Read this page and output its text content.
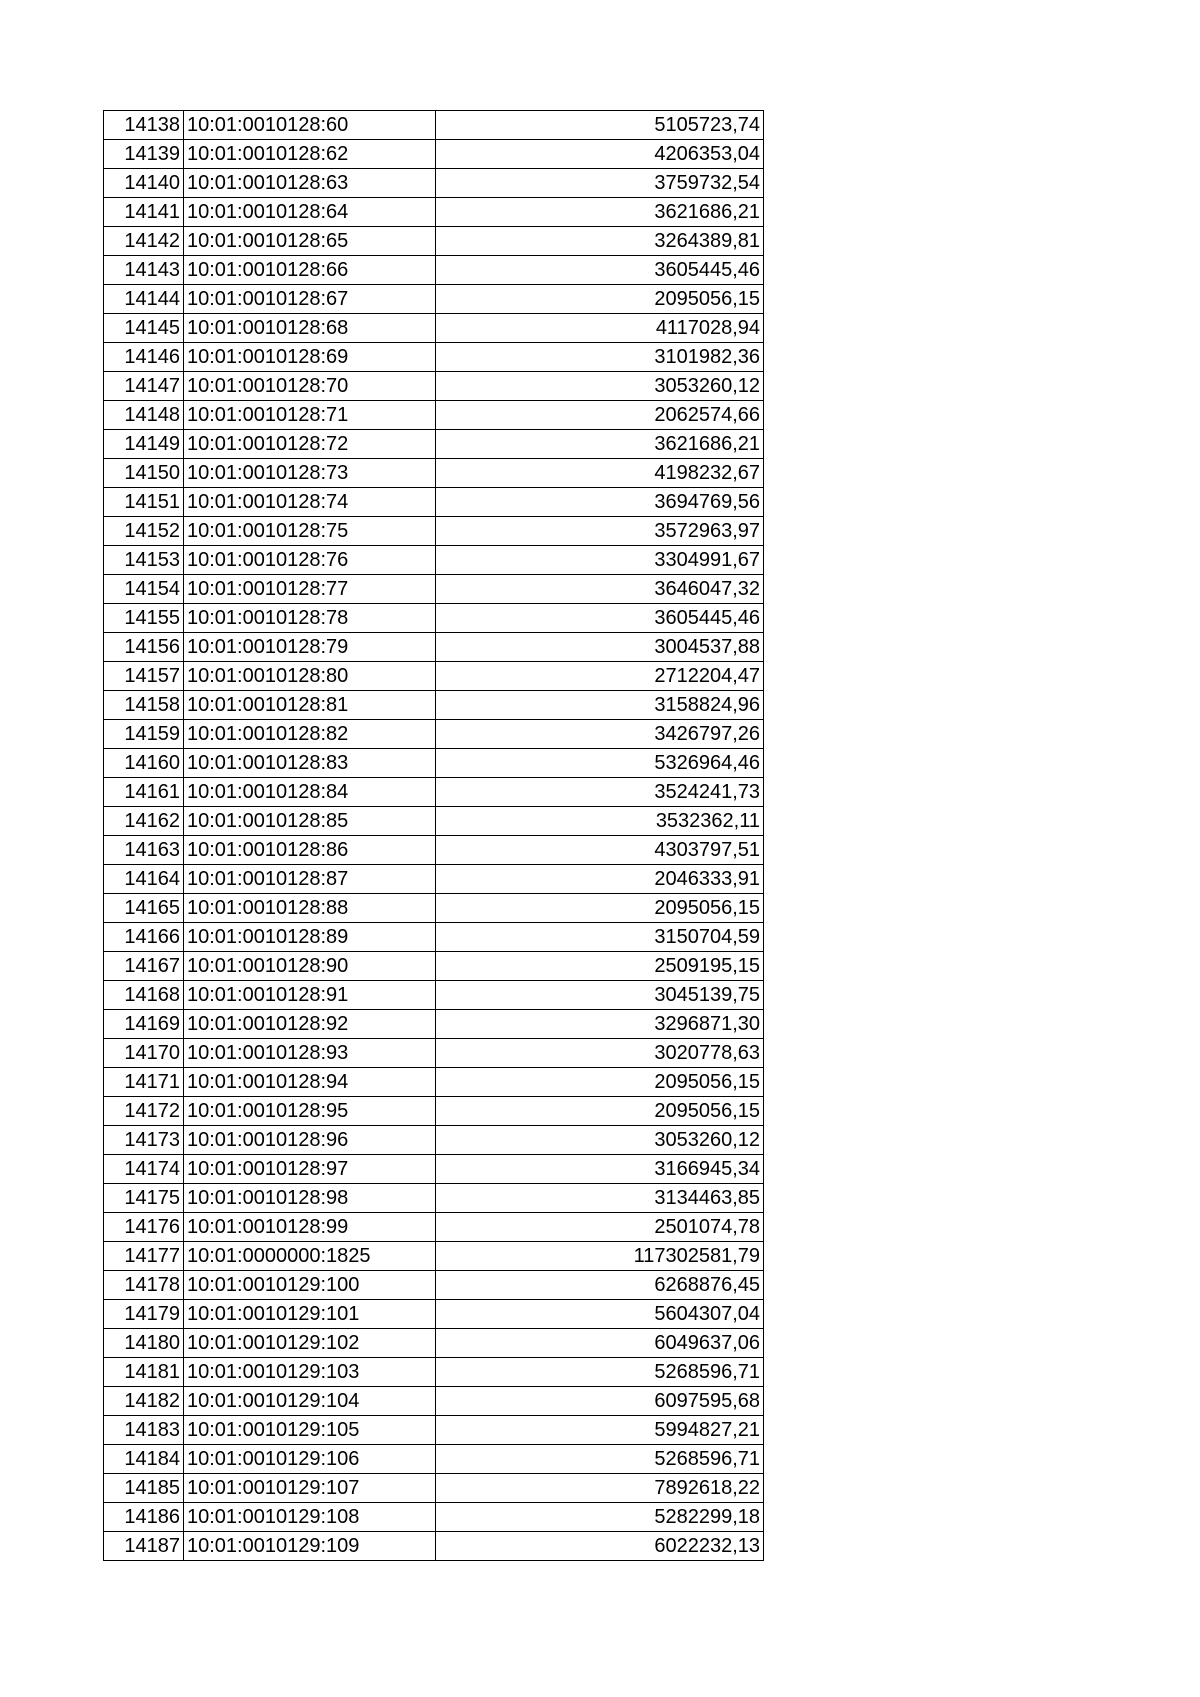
14138	10:01:0010128:60	5105723,74
14139	10:01:0010128:62	4206353,04
14140	10:01:0010128:63	3759732,54
14141	10:01:0010128:64	3621686,21
14142	10:01:0010128:65	3264389,81
14143	10:01:0010128:66	3605445,46
14144	10:01:0010128:67	2095056,15
14145	10:01:0010128:68	4117028,94
14146	10:01:0010128:69	3101982,36
14147	10:01:0010128:70	3053260,12
14148	10:01:0010128:71	2062574,66
14149	10:01:0010128:72	3621686,21
14150	10:01:0010128:73	4198232,67
14151	10:01:0010128:74	3694769,56
14152	10:01:0010128:75	3572963,97
14153	10:01:0010128:76	3304991,67
14154	10:01:0010128:77	3646047,32
14155	10:01:0010128:78	3605445,46
14156	10:01:0010128:79	3004537,88
14157	10:01:0010128:80	2712204,47
14158	10:01:0010128:81	3158824,96
14159	10:01:0010128:82	3426797,26
14160	10:01:0010128:83	5326964,46
14161	10:01:0010128:84	3524241,73
14162	10:01:0010128:85	3532362,11
14163	10:01:0010128:86	4303797,51
14164	10:01:0010128:87	2046333,91
14165	10:01:0010128:88	2095056,15
14166	10:01:0010128:89	3150704,59
14167	10:01:0010128:90	2509195,15
14168	10:01:0010128:91	3045139,75
14169	10:01:0010128:92	3296871,30
14170	10:01:0010128:93	3020778,63
14171	10:01:0010128:94	2095056,15
14172	10:01:0010128:95	2095056,15
14173	10:01:0010128:96	3053260,12
14174	10:01:0010128:97	3166945,34
14175	10:01:0010128:98	3134463,85
14176	10:01:0010128:99	2501074,78
14177	10:01:0000000:1825	117302581,79
14178	10:01:0010129:100	6268876,45
14179	10:01:0010129:101	5604307,04
14180	10:01:0010129:102	6049637,06
14181	10:01:0010129:103	5268596,71
14182	10:01:0010129:104	6097595,68
14183	10:01:0010129:105	5994827,21
14184	10:01:0010129:106	5268596,71
14185	10:01:0010129:107	7892618,22
14186	10:01:0010129:108	5282299,18
14187	10:01:0010129:109	6022232,13
